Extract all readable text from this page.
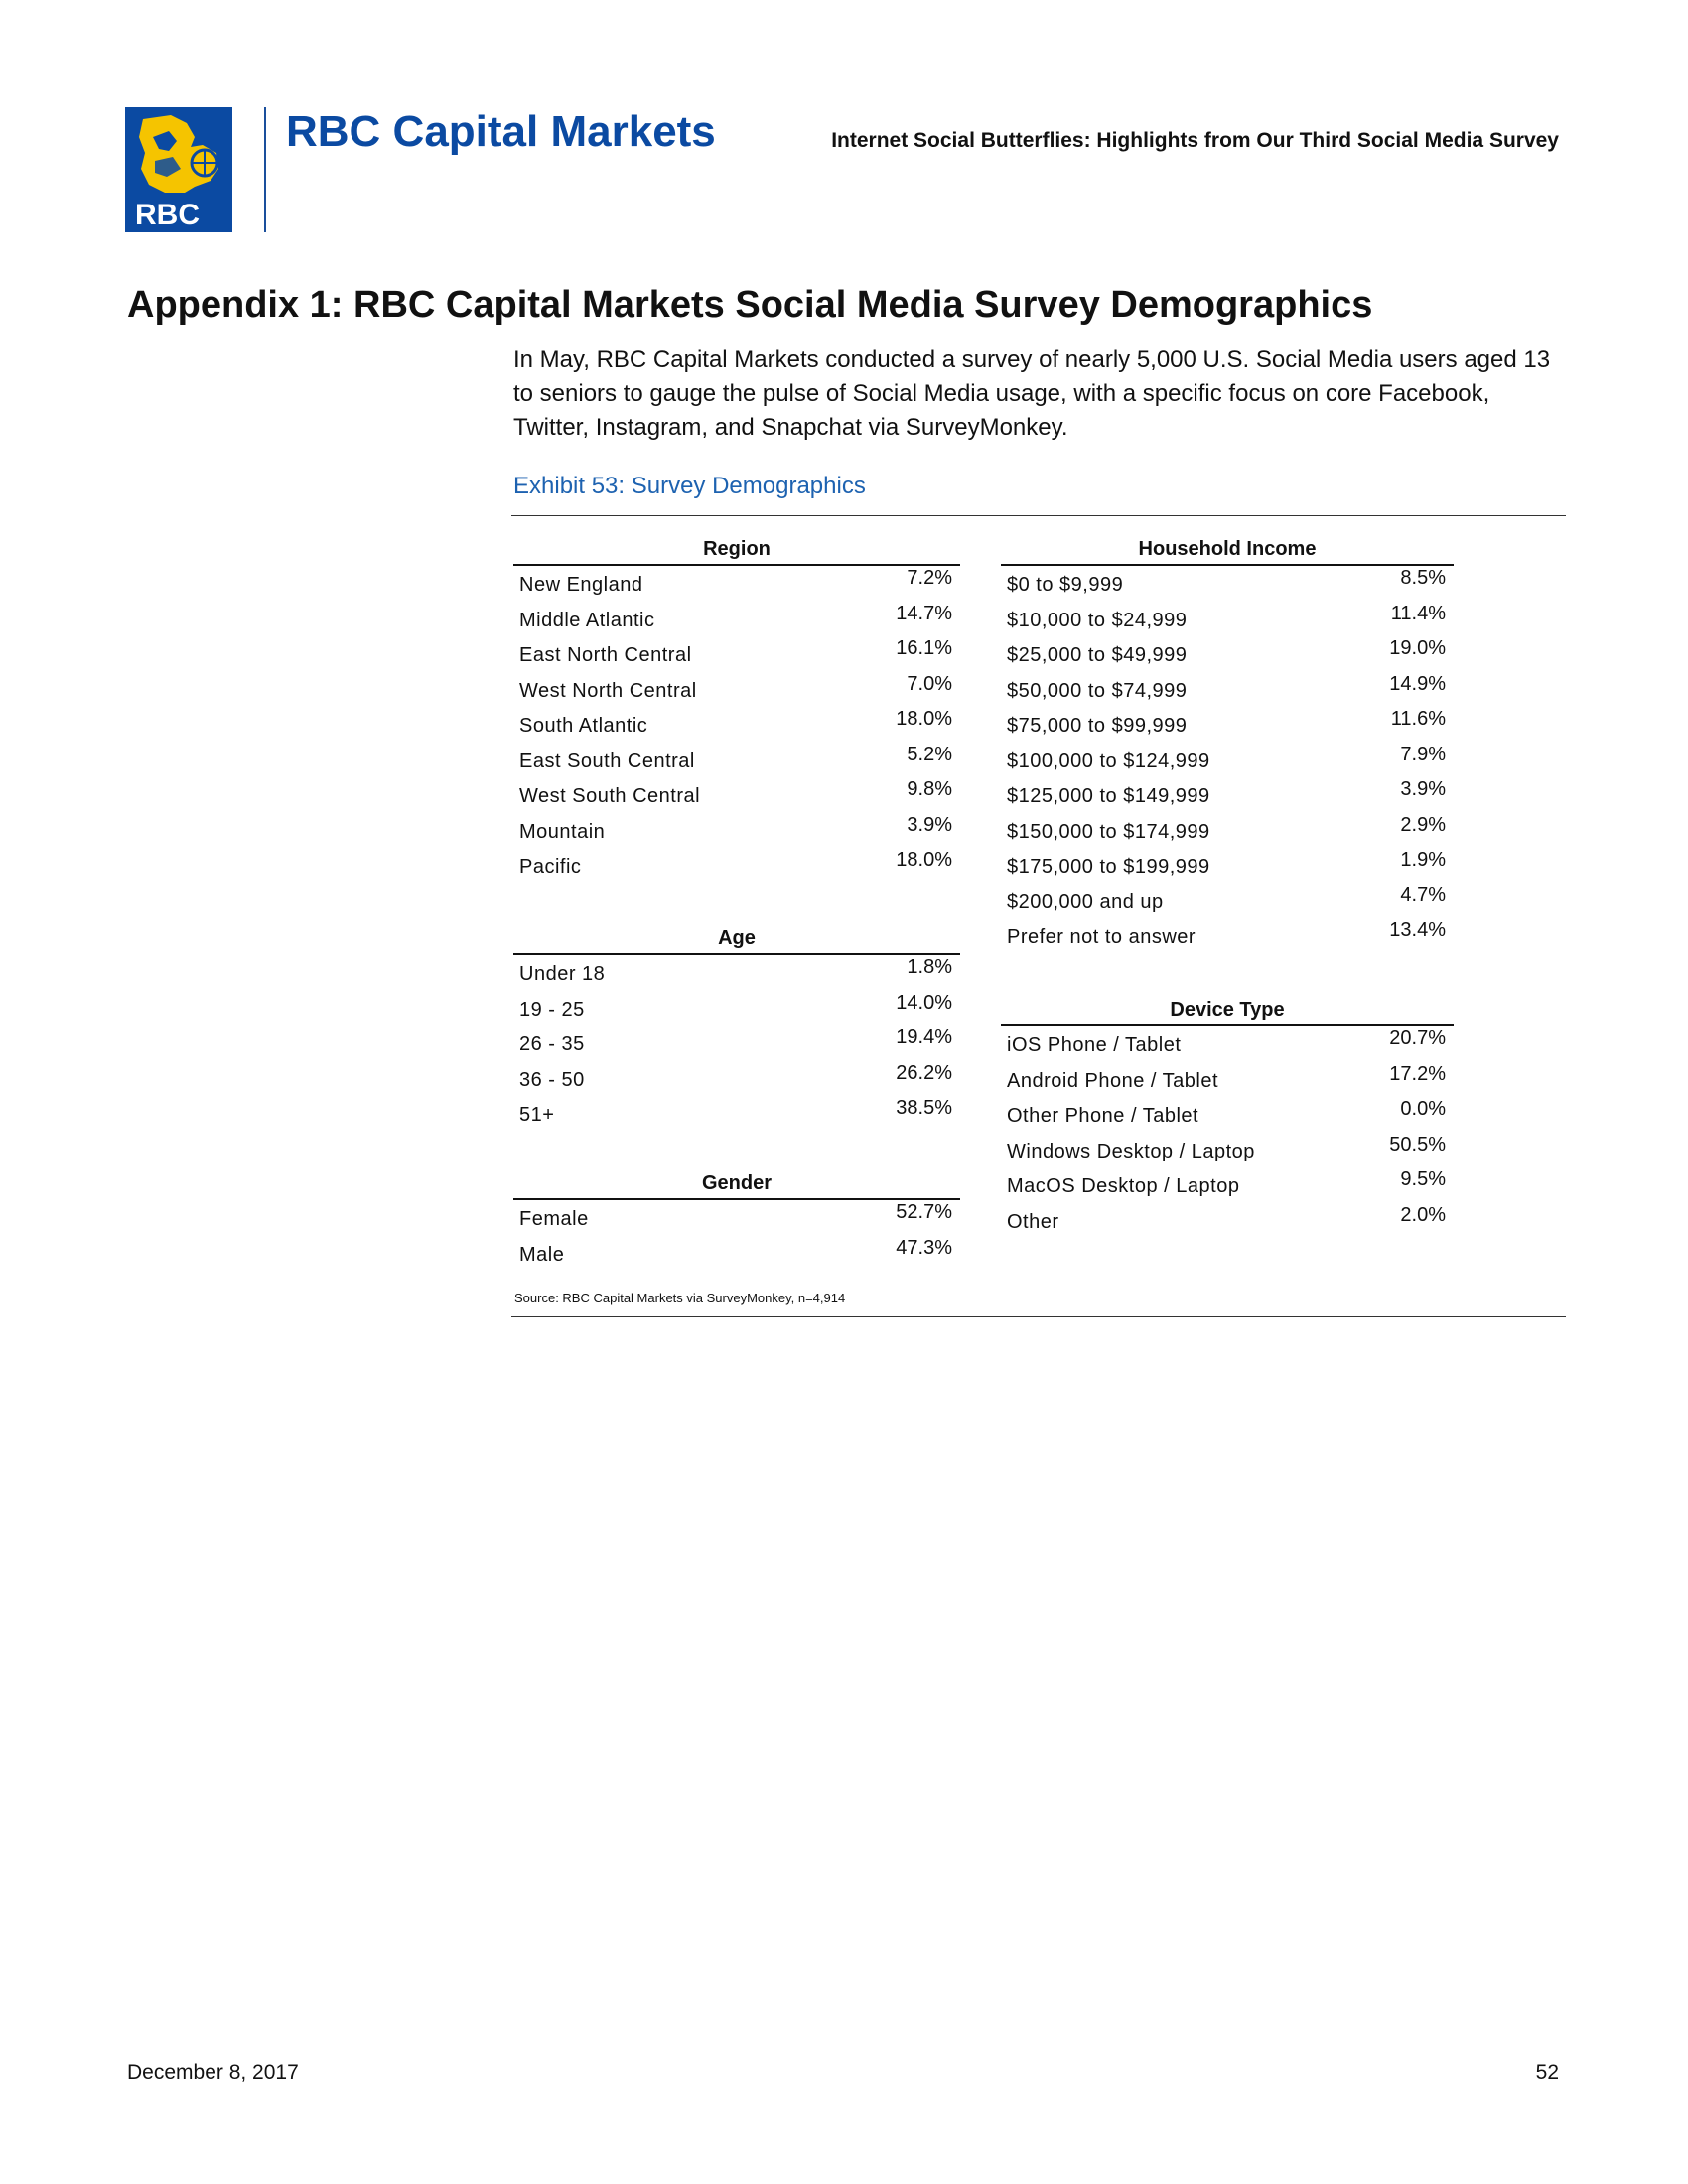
RBC
RBC Capital Markets	Internet Social Butterflies: Highlights from Our Third Social Media Survey
Appendix 1: RBC Capital Markets Social Media Survey Demographics
In May, RBC Capital Markets conducted a survey of nearly 5,000 U.S. Social Media users aged 13 to seniors to gauge the pulse of Social Media usage, with a specific focus on core Facebook, Twitter, Instagram, and Snapchat via SurveyMonkey.
Exhibit 53: Survey Demographics
Region
New England	7.2%
Middle Atlantic	14.7%
East North Central	16.1%
West North Central	7.0%
South Atlantic	18.0%
East South Central	5.2%
West South Central	9.8%
Mountain	3.9%
Pacific	18.0%
Age
Under 18	1.8%
19 - 25	14.0%
26 - 35	19.4%
36 - 50	26.2%
51+	38.5%
Gender
Female	52.7%
Male	47.3%
Household Income
$0 to $9,999	8.5%
$10,000 to $24,999	11.4%
$25,000 to $49,999	19.0%
$50,000 to $74,999	14.9%
$75,000 to $99,999	11.6%
$100,000 to $124,999	7.9%
$125,000 to $149,999	3.9%
$150,000 to $174,999	2.9%
$175,000 to $199,999	1.9%
$200,000 and up	4.7%
Prefer not to answer	13.4%
Device Type
iOS Phone / Tablet	20.7%
Android Phone / Tablet	17.2%
Other Phone / Tablet	0.0%
Windows Desktop / Laptop	50.5%
MacOS Desktop / Laptop	9.5%
Other	2.0%
Source: RBC Capital Markets via SurveyMonkey, n=4,914
December 8, 2017	52
